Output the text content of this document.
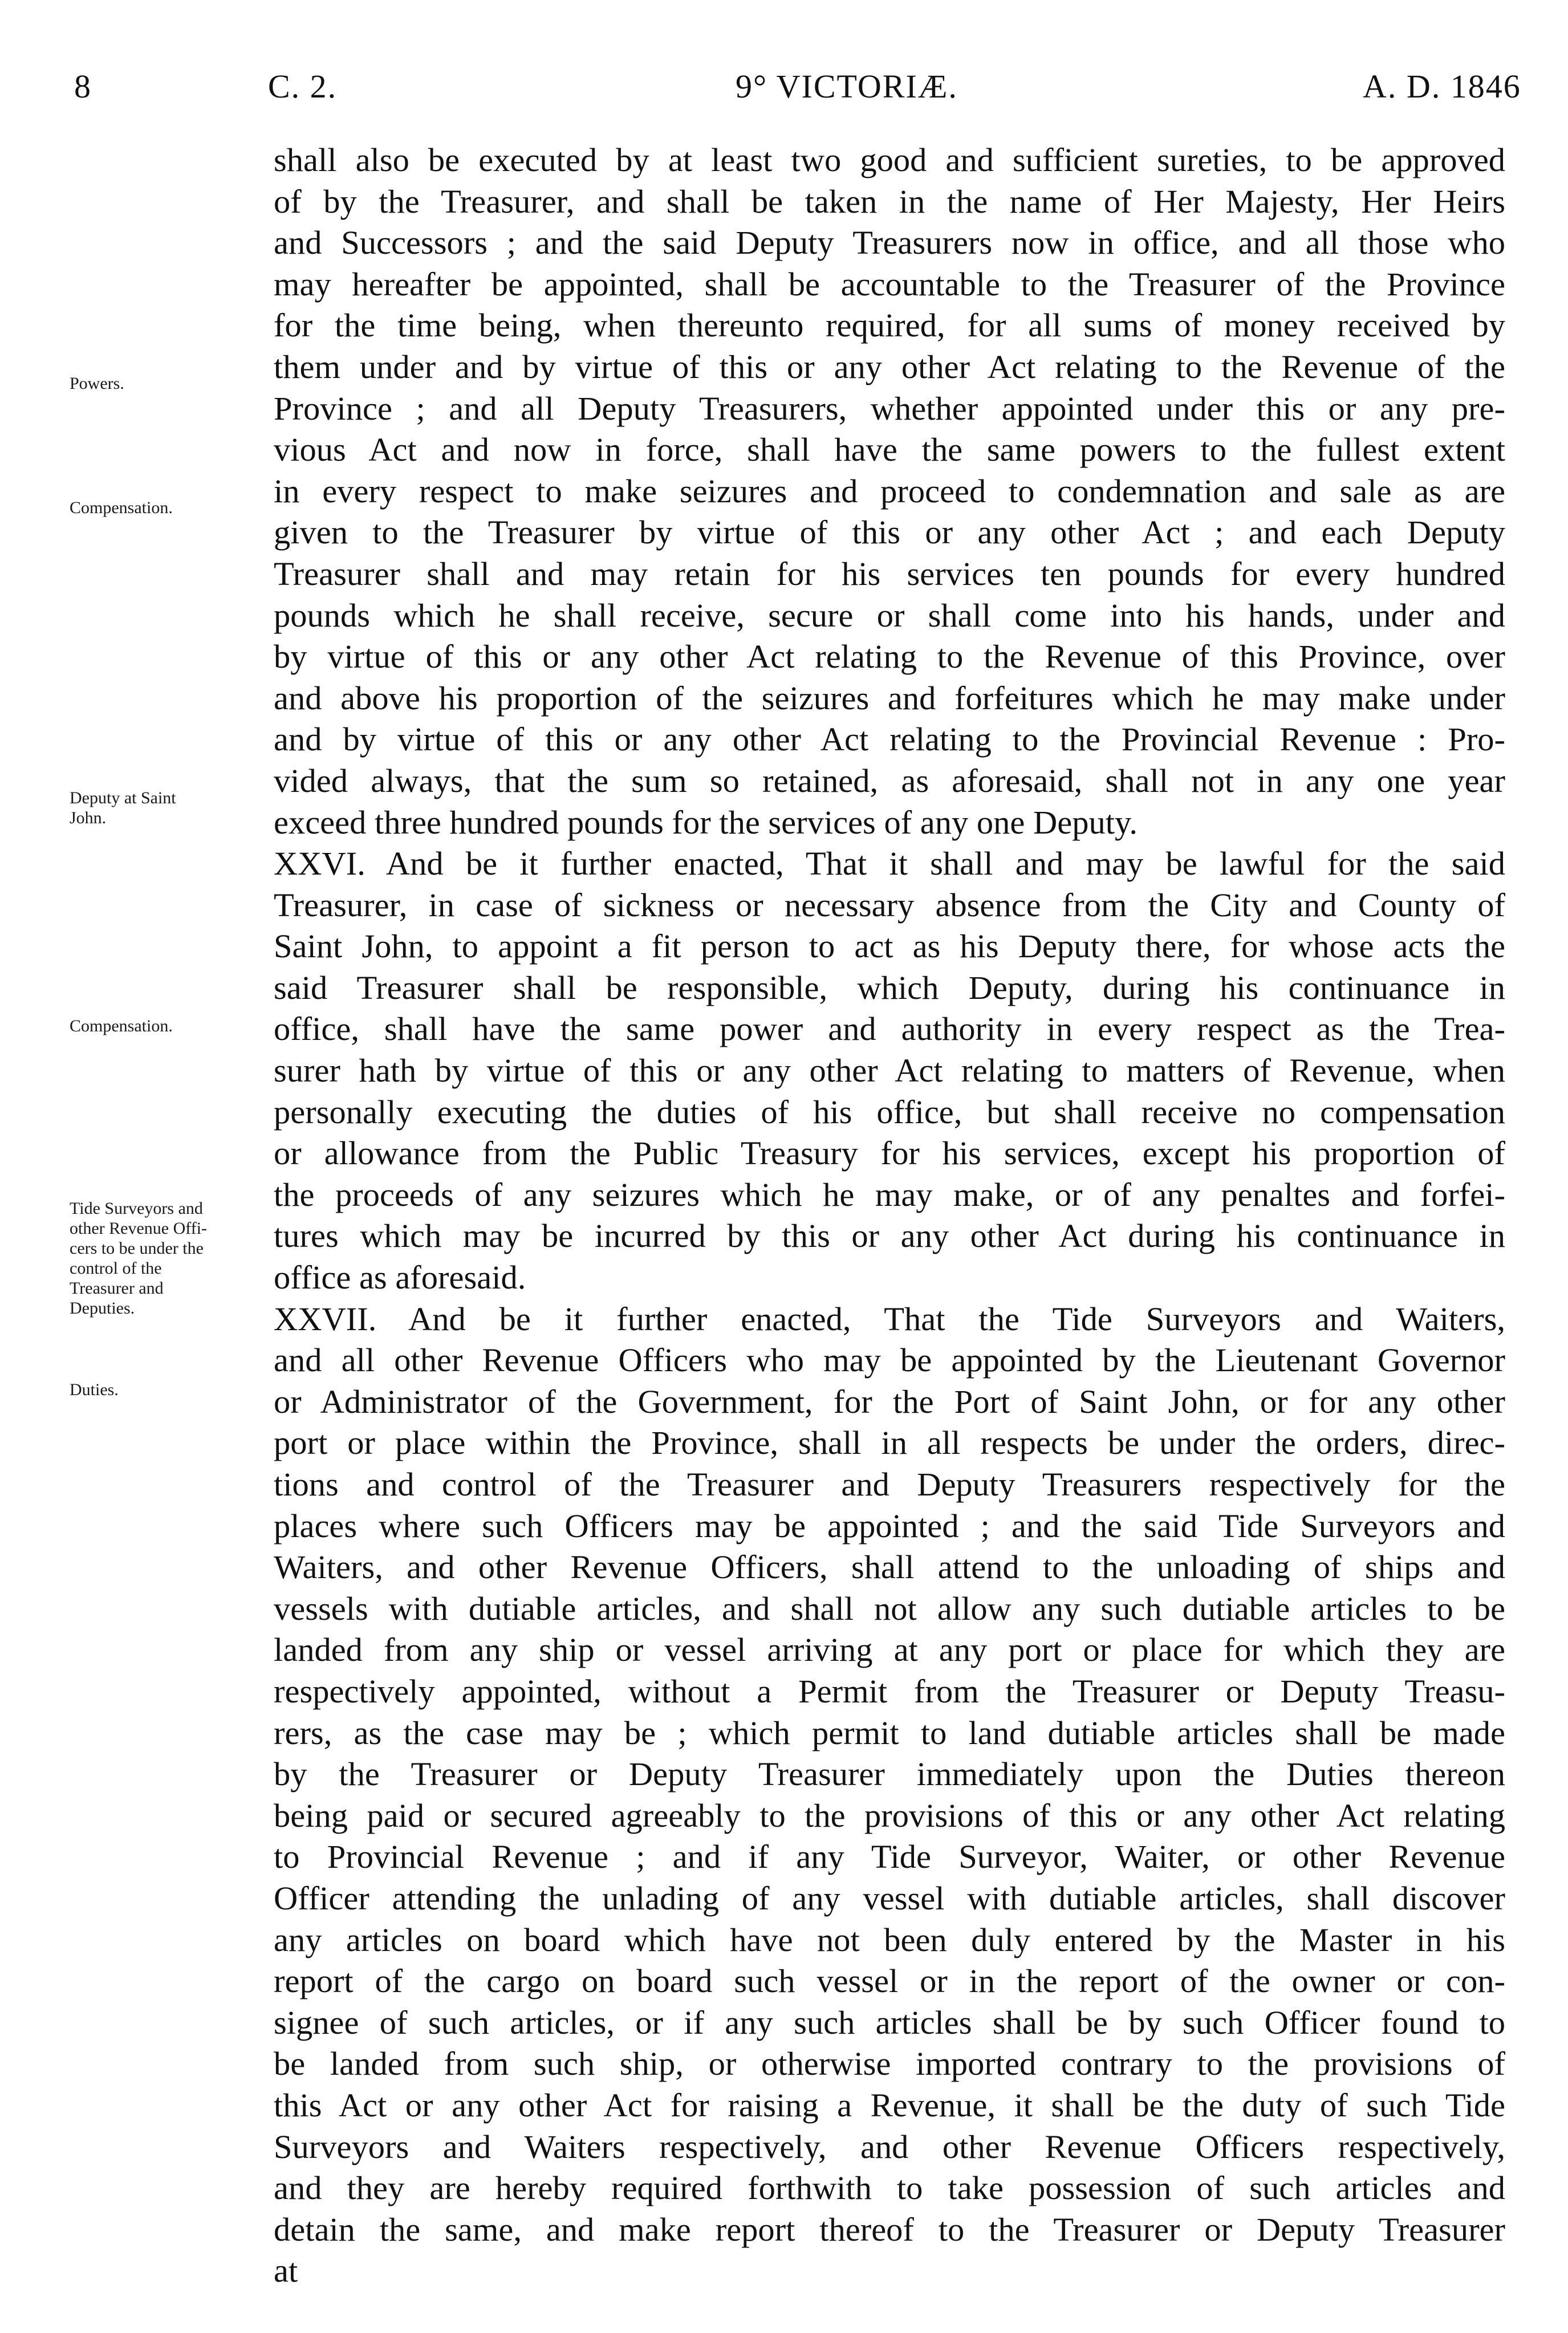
8	C. 2.	9° VICTORIÆ.	A. D. 1846
Powers.
Compensation.
Deputy at Saint
John.
Compensation.
Tide Surveyors and
other Revenue Offi-
cers to be under the
control of the
Treasurer and
Deputies.
Duties.
shall also be executed by at least two good and sufficient sureties, to be approved
of by the Treasurer, and shall be taken in the name of Her Majesty, Her Heirs
and Successors ; and the said Deputy Treasurers now in office, and all those who
may hereafter be appointed, shall be accountable to the Treasurer of the Province
for the time being, when thereunto required, for all sums of money received by
them under and by virtue of this or any other Act relating to the Revenue of the
Province ; and all Deputy Treasurers, whether appointed under this or any pre-
vious Act and now in force, shall have the same powers to the fullest extent
in every respect to make seizures and proceed to condemnation and sale as are
given to the Treasurer by virtue of this or any other Act ; and each Deputy
Treasurer shall and may retain for his services ten pounds for every hundred
pounds which he shall receive, secure or shall come into his hands, under and
by virtue of this or any other Act relating to the Revenue of this Province, over
and above his proportion of the seizures and forfeitures which he may make under
and by virtue of this or any other Act relating to the Provincial Revenue : Pro-
vided always, that the sum so retained, as aforesaid, shall not in any one year
exceed three hundred pounds for the services of any one Deputy.
XXVI. And be it further enacted, That it shall and may be lawful for the said
Treasurer, in case of sickness or necessary absence from the City and County of
Saint John, to appoint a fit person to act as his Deputy there, for whose acts the
said Treasurer shall be responsible, which Deputy, during his continuance in
office, shall have the same power and authority in every respect as the Trea-
surer hath by virtue of this or any other Act relating to matters of Revenue, when
personally executing the duties of his office, but shall receive no compensation
or allowance from the Public Treasury for his services, except his proportion of
the proceeds of any seizures which he may make, or of any penaltes and forfei-
tures which may be incurred by this or any other Act during his continuance in
office as aforesaid.
XXVII. And be it further enacted, That the Tide Surveyors and Waiters,
and all other Revenue Officers who may be appointed by the Lieutenant Governor
or Administrator of the Government, for the Port of Saint John, or for any other
port or place within the Province, shall in all respects be under the orders, direc-
tions and control of the Treasurer and Deputy Treasurers respectively for the
places where such Officers may be appointed ; and the said Tide Surveyors and
Waiters, and other Revenue Officers, shall attend to the unloading of ships and
vessels with dutiable articles, and shall not allow any such dutiable articles to be
landed from any ship or vessel arriving at any port or place for which they are
respectively appointed, without a Permit from the Treasurer or Deputy Treasu-
rers, as the case may be ; which permit to land dutiable articles shall be made
by the Treasurer or Deputy Treasurer immediately upon the Duties thereon
being paid or secured agreeably to the provisions of this or any other Act relating
to Provincial Revenue ; and if any Tide Surveyor, Waiter, or other Revenue
Officer attending the unlading of any vessel with dutiable articles, shall discover
any articles on board which have not been duly entered by the Master in his
report of the cargo on board such vessel or in the report of the owner or con-
signee of such articles, or if any such articles shall be by such Officer found to
be landed from such ship, or otherwise imported contrary to the provisions of
this Act or any other Act for raising a Revenue, it shall be the duty of such Tide
Surveyors and Waiters respectively, and other Revenue Officers respectively,
and they are hereby required forthwith to take possession of such articles and
detain the same, and make report thereof to the Treasurer or Deputy Treasurer
at
